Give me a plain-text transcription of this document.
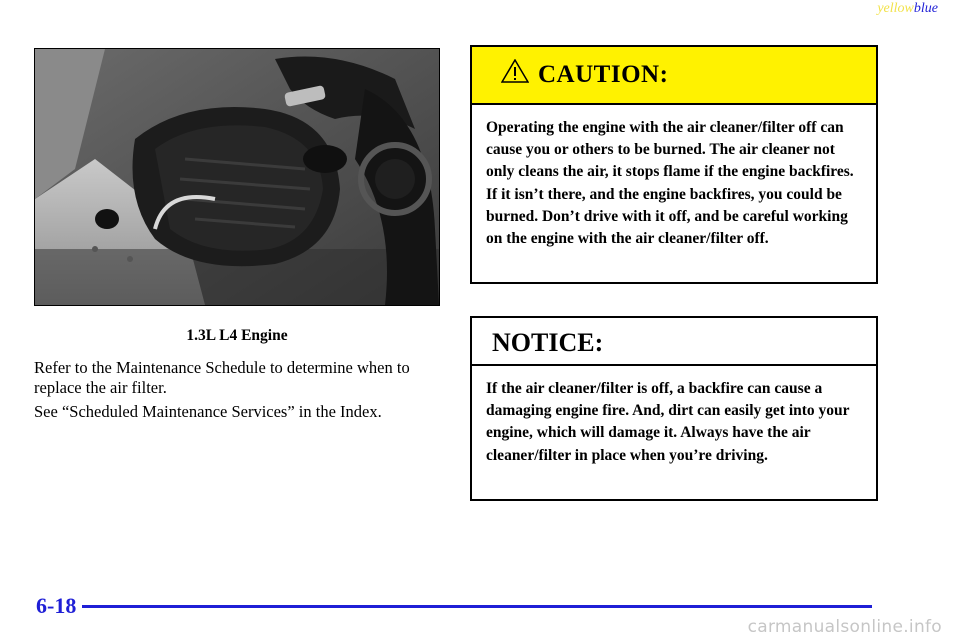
yellowblue
1.3L L4 Engine

Refer to the Maintenance Schedule to determine when to replace the air filter.

See “Scheduled Maintenance Services” in the Index.

CAUTION:

Operating the engine with the air cleaner/filter off can cause you or others to be burned. The air cleaner not only cleans the air, it stops flame if the engine backfires. If it isn’t there, and the engine backfires, you could be burned. Don’t drive with it off, and be careful working on the engine with the air cleaner/filter off.

NOTICE:

If the air cleaner/filter is off, a backfire can cause a damaging engine fire. And, dirt can easily get into your engine, which will damage it. Always have the air cleaner/filter in place when you’re driving.

6-18
carmanualsonline.info
